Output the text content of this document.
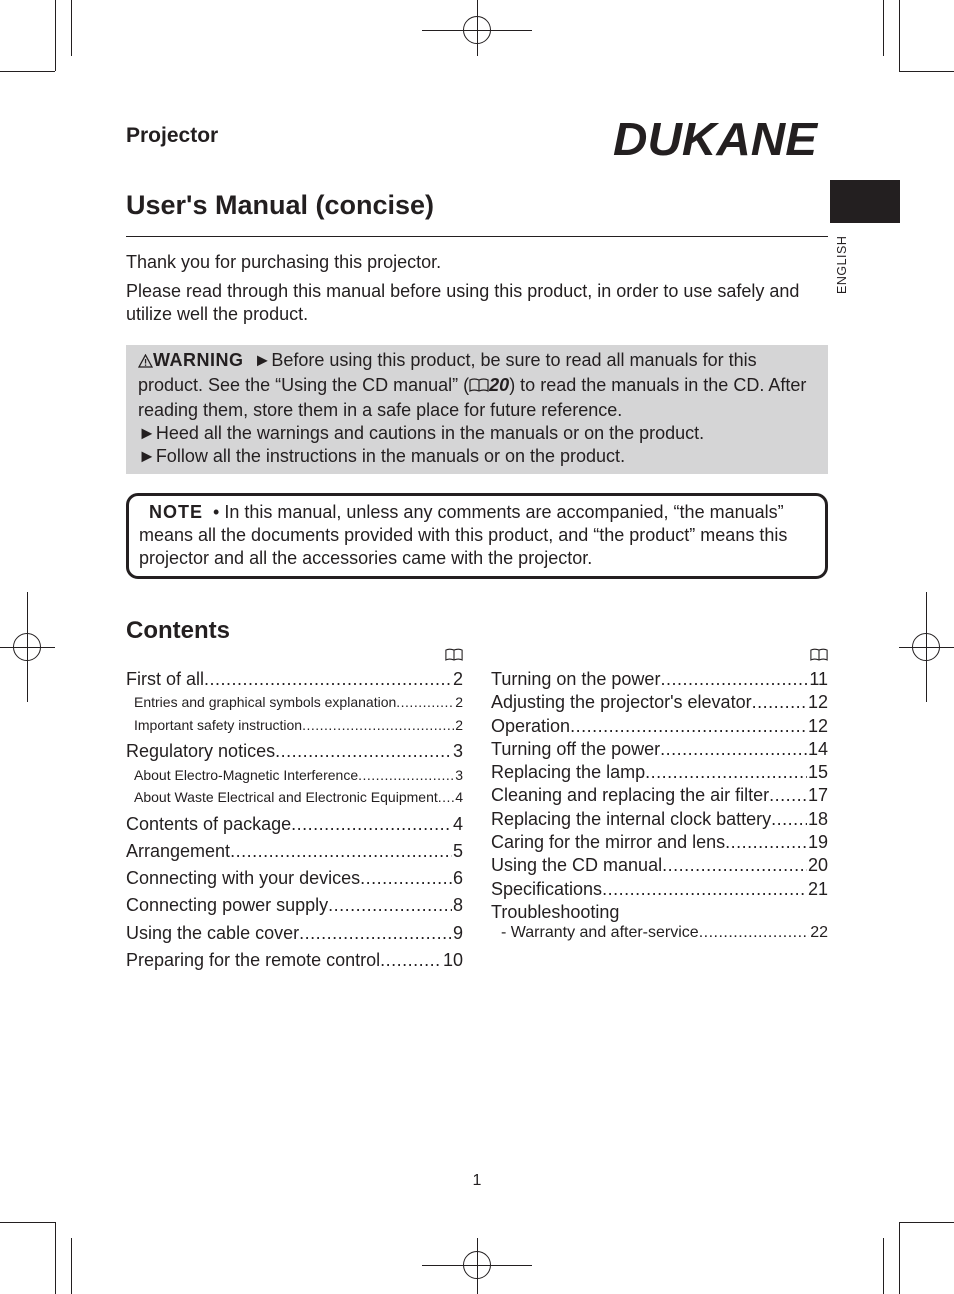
Projector	DUKANE
ENGLISH
User's Manual (concise)

Thank you for purchasing this projector.

Please read through this manual before using this product, in order to use safely and utilize well the product.

WARNING ►Before using this product, be sure to read all manuals for this product. See the “Using the CD manual” ( 20) to read the manuals in the CD. After reading them, store them in a safe place for future reference.
►Heed all the warnings and cautions in the manuals or on the product.
►Follow all the instructions in the manuals or on the product.
NOTE • In this manual, unless any comments are accompanied, “the manuals” means all the documents provided with this product, and “the product” means this projector and all the accessories came with the projector.
Contents
First of all .....	2
Entries and graphical symbols explanation .....	2
Important safety instruction .....	2
Regulatory notices .....	3
About Electro-Magnetic Interference .....	3
About Waste Electrical and Electronic Equipment ..... 4
Contents of package .....	4
Arrangement .....	5
Connecting with your devices .....	6
Connecting power supply .....	8
Using the cable cover .....	9
Preparing for the remote control .....	10
Turning on the power .....	11
Adjusting the projector's elevator .....	12
Operation .....	12
Turning off the power .....	14
Replacing the lamp .....	15
Cleaning and replacing the air filter ..... 17
Replacing the internal clock battery ..... 18
Caring for the mirror and lens .....	19
Using the CD manual .....	20
Specifications .....	21
Troubleshooting
- Warranty and after-service .....	22
1
